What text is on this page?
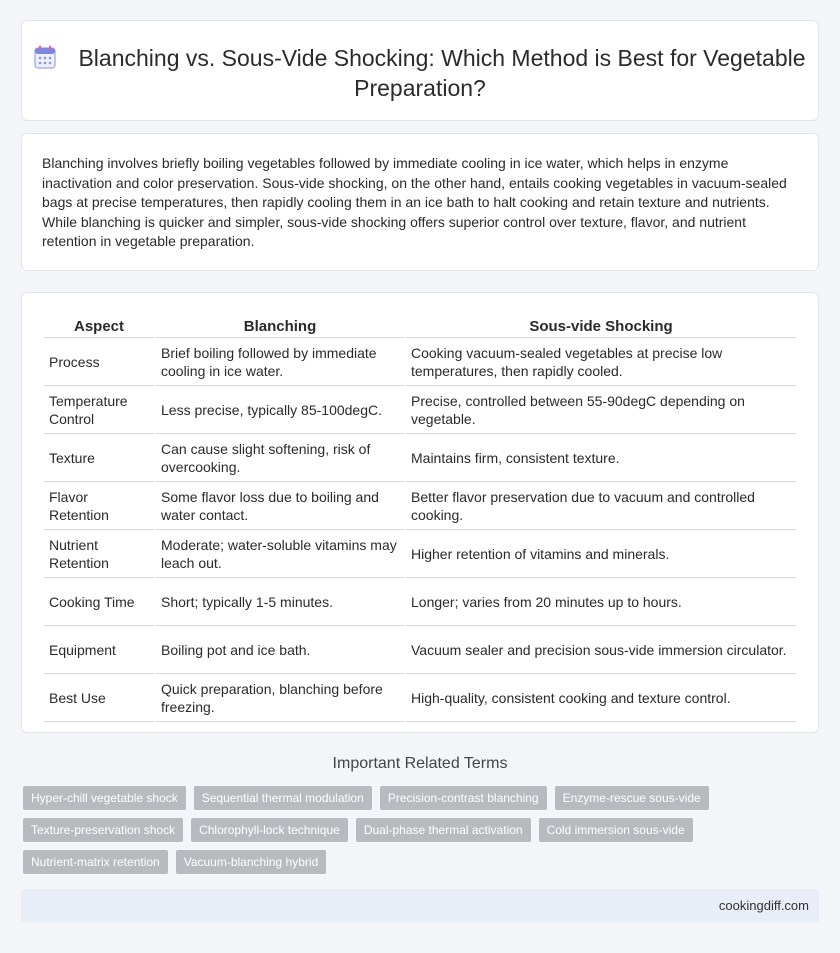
Blanching vs. Sous-Vide Shocking: Which Method is Best for Vegetable Preparation?
Blanching involves briefly boiling vegetables followed by immediate cooling in ice water, which helps in enzyme inactivation and color preservation. Sous-vide shocking, on the other hand, entails cooking vegetables in vacuum-sealed bags at precise temperatures, then rapidly cooling them in an ice bath to halt cooking and retain texture and nutrients. While blanching is quicker and simpler, sous-vide shocking offers superior control over texture, flavor, and nutrient retention in vegetable preparation.
Aspect	Blanching	Sous-vide Shocking
Process	Brief boiling followed by immediate cooling in ice water.	Cooking vacuum-sealed vegetables at precise low temperatures, then rapidly cooled.
Temperature Control	Less precise, typically 85-100degC.	Precise, controlled between 55-90degC depending on vegetable.
Texture	Can cause slight softening, risk of overcooking.	Maintains firm, consistent texture.
Flavor Retention	Some flavor loss due to boiling and water contact.	Better flavor preservation due to vacuum and controlled cooking.
Nutrient Retention	Moderate; water-soluble vitamins may leach out.	Higher retention of vitamins and minerals.
Cooking Time	Short; typically 1-5 minutes.	Longer; varies from 20 minutes up to hours.
Equipment	Boiling pot and ice bath.	Vacuum sealer and precision sous-vide immersion circulator.
Best Use	Quick preparation, blanching before freezing.	High-quality, consistent cooking and texture control.
Important Related Terms
Hyper-chill vegetable shock	Sequential thermal modulation	Precision-contrast blanching	Enzyme-rescue sous-vide
Texture-preservation shock	Chlorophyll-lock technique	Dual-phase thermal activation	Cold immersion sous-vide
Nutrient-matrix retention	Vacuum-blanching hybrid
cookingdiff.com
